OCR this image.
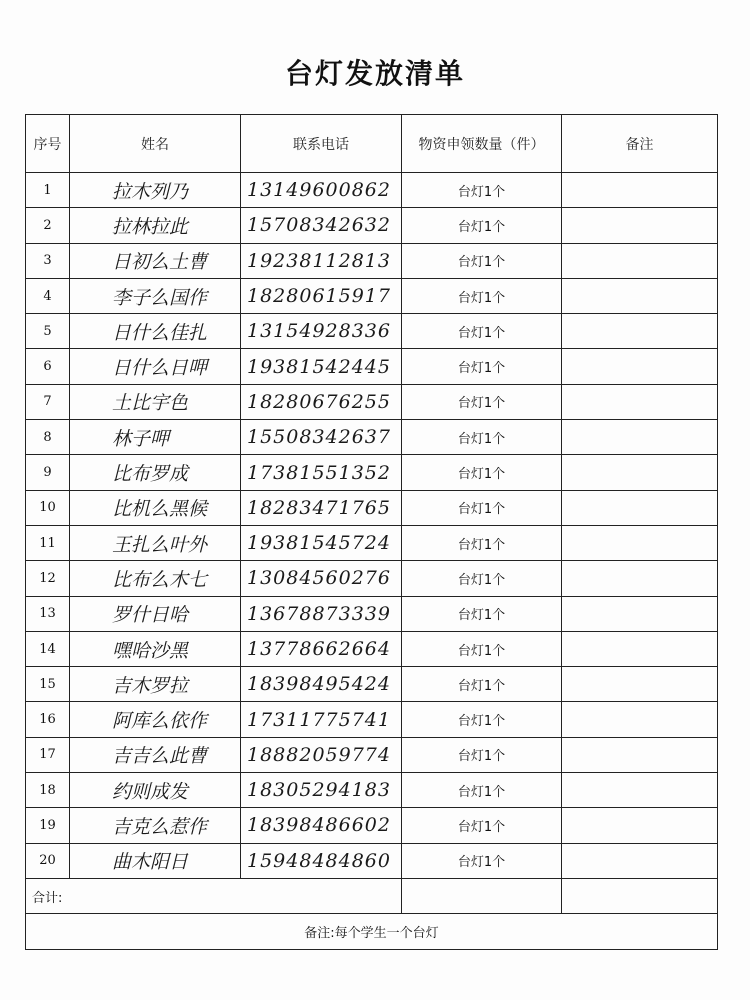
台灯发放清单
序号	姓名	联系电话	物资申领数量（件）	备注
1	拉木列乃	13149600862	台灯1个	
2	拉林拉此	15708342632	台灯1个	
3	日初么土曹	19238112813	台灯1个	
4	李子么国作	18280615917	台灯1个	
5	日什么佳扎	13154928336	台灯1个	
6	日什么日呷	19381542445	台灯1个	
7	土比宇色	18280676255	台灯1个	
8	林子呷	15508342637	台灯1个	
9	比布罗成	17381551352	台灯1个	
10	比机么黑候	18283471765	台灯1个	
11	王扎么叶外	19381545724	台灯1个	
12	比布么木七	13084560276	台灯1个	
13	罗什日哈	13678873339	台灯1个	
14	嘿哈沙黑	13778662664	台灯1个	
15	吉木罗拉	18398495424	台灯1个	
16	阿库么依作	17311775741	台灯1个	
17	吉吉么此曹	18882059774	台灯1个	
18	约则成发	18305294183	台灯1个	
19	吉克么惹作	18398486602	台灯1个	
20	曲木阳日	15948484860	台灯1个	
合计:				
备注:每个学生一个台灯				
